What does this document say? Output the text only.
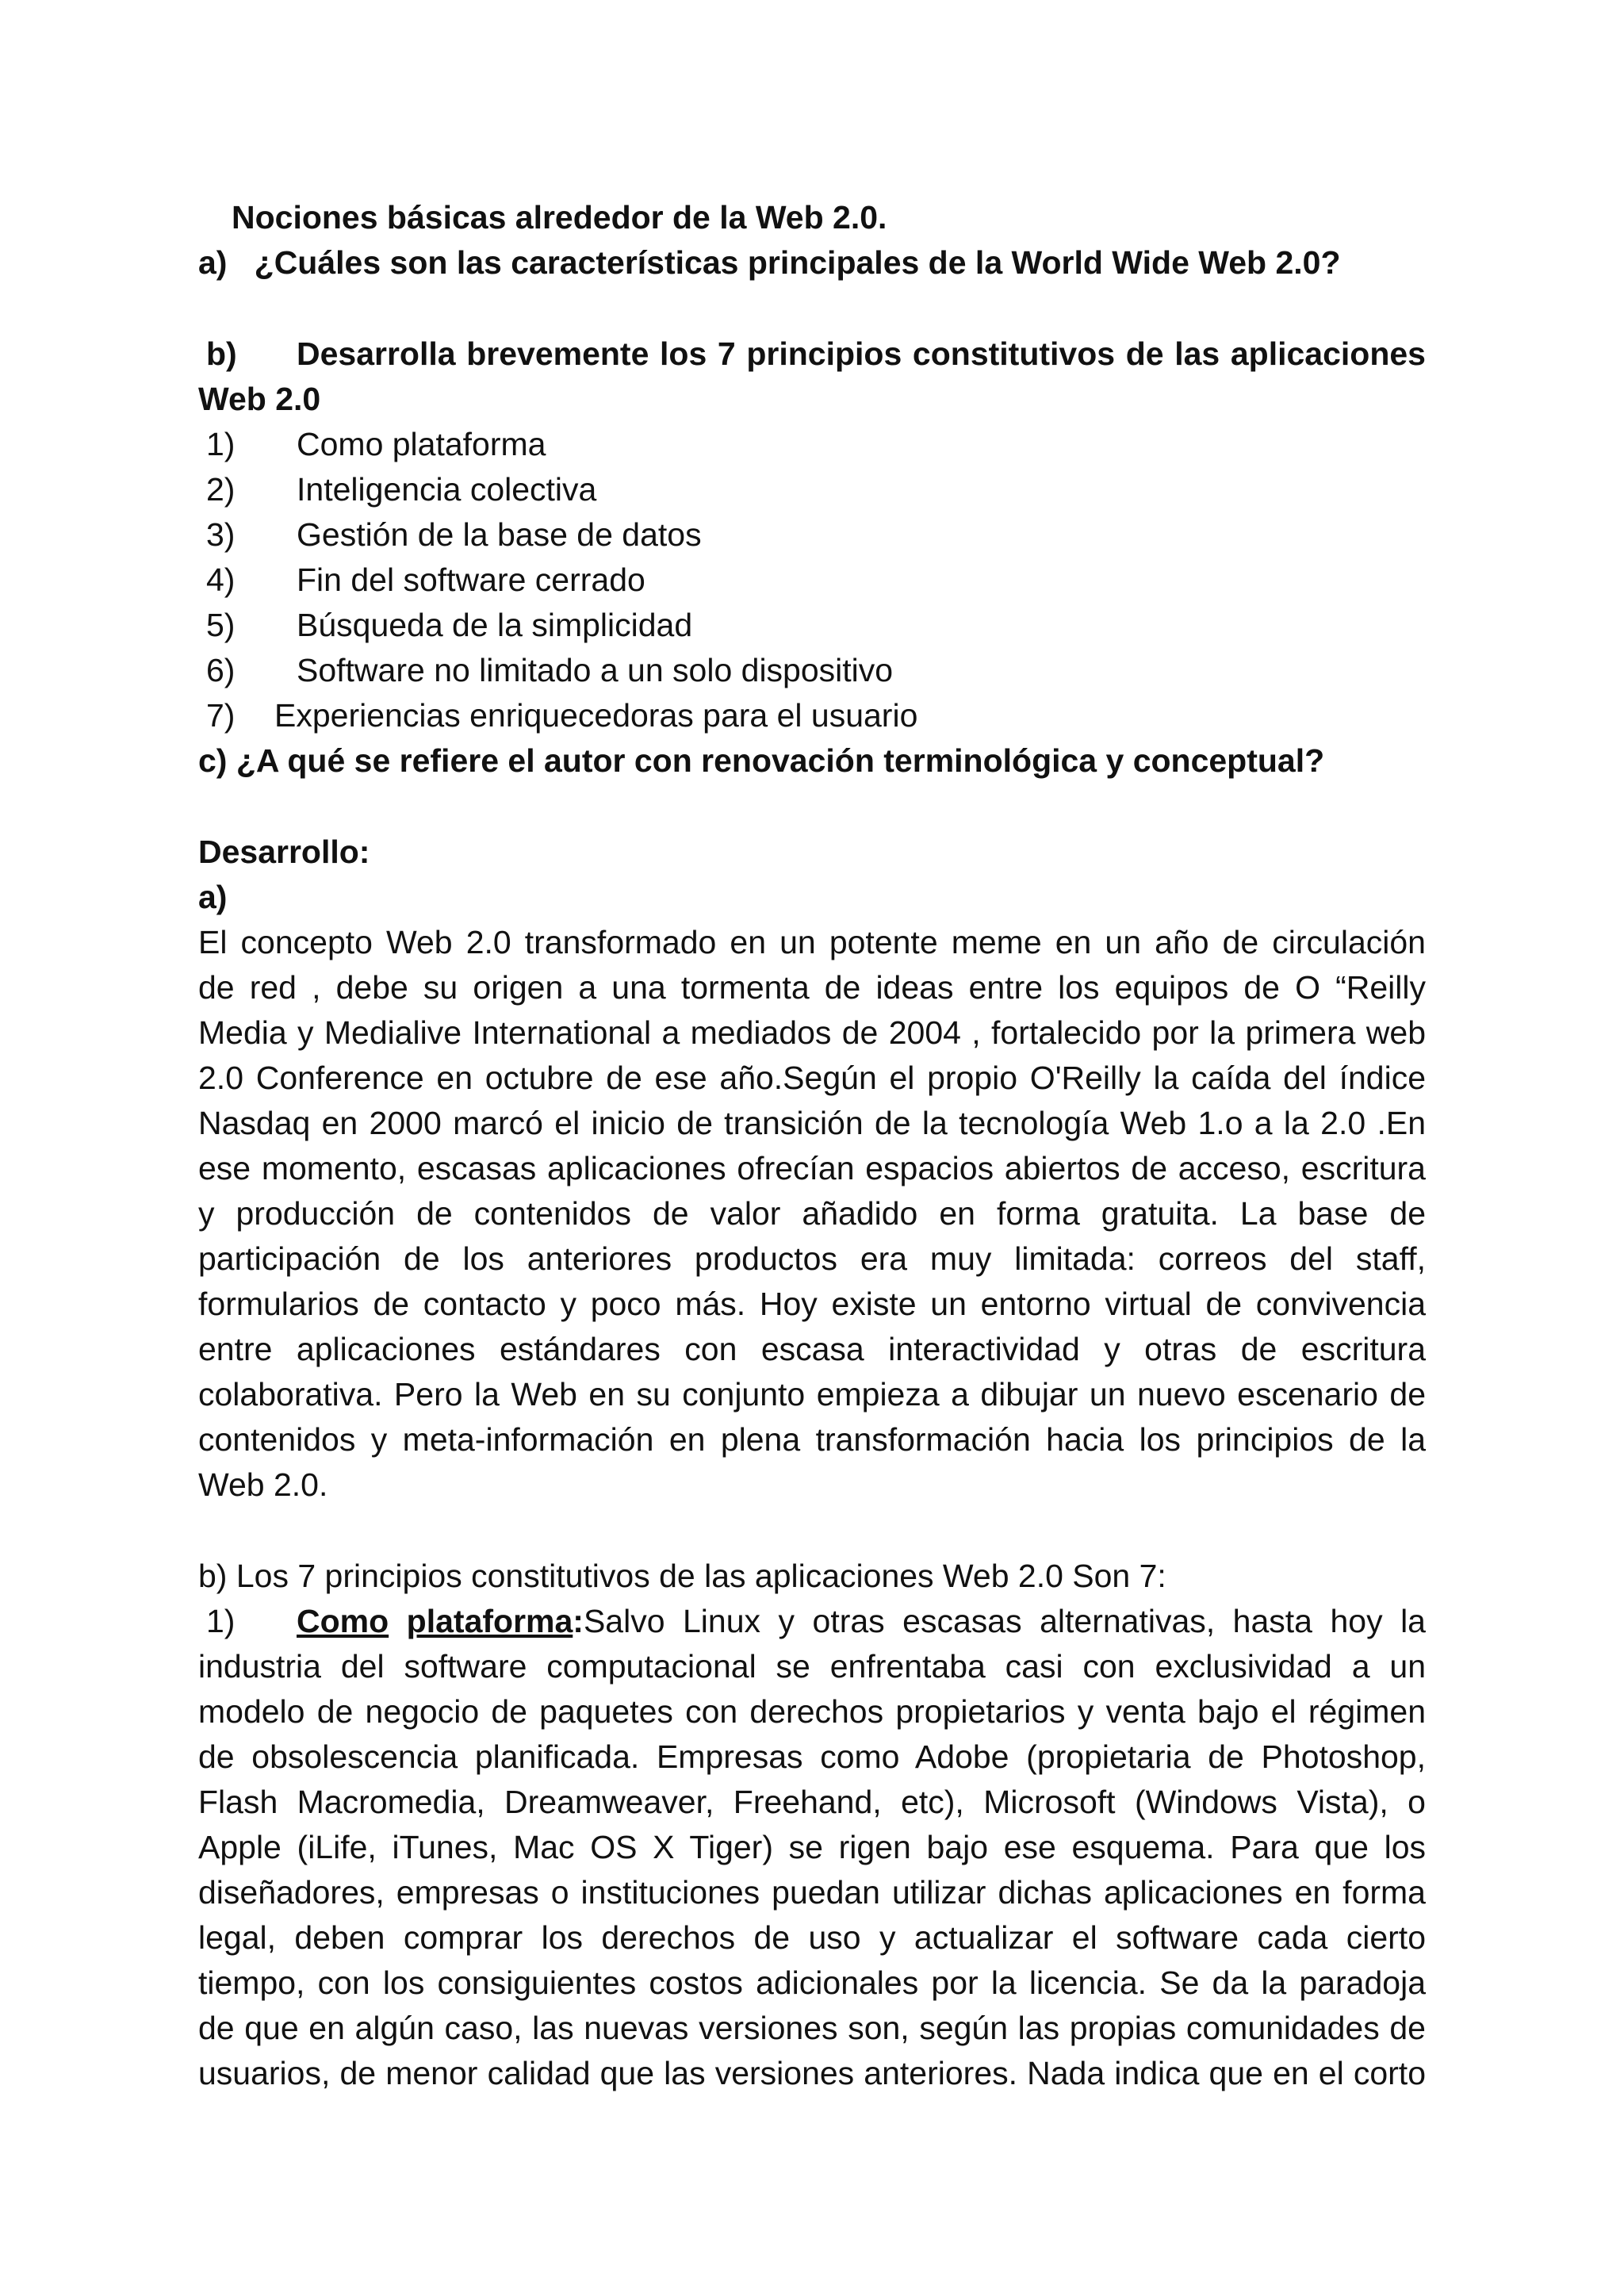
Nociones básicas alrededor de la Web 2.0.
a) ¿Cuáles son las características principales de la World Wide Web 2.0?
b) Desarrolla brevemente los 7 principios constitutivos de las aplicaciones
Web 2.0
1) Como plataforma
2) Inteligencia colectiva
3) Gestión de la base de datos
4) Fin del software cerrado
5) Búsqueda de la simplicidad
6) Software no limitado a un solo dispositivo
7) Experiencias enriquecedoras para el usuario
c) ¿A qué se refiere el autor con renovación terminológica y conceptual?
Desarrollo:
a)
El concepto Web 2.0 transformado en un potente meme en un año de circulación
de red , debe su origen a una tormenta de ideas entre los equipos de O “Reilly
Media y Medialive International a mediados de 2004 , fortalecido por la primera web
2.0 Conference en octubre de ese año.Según el propio O'Reilly la caída del índice
Nasdaq en 2000 marcó el inicio de transición de la tecnología Web 1.o a la 2.0 .En
ese momento, escasas aplicaciones ofrecían espacios abiertos de acceso, escritura
y producción de contenidos de valor añadido en forma gratuita. La base de
participación de los anteriores productos era muy limitada: correos del staff,
formularios de contacto y poco más. Hoy existe un entorno virtual de convivencia
entre aplicaciones estándares con escasa interactividad y otras de escritura
colaborativa. Pero la Web en su conjunto empieza a dibujar un nuevo escenario de
contenidos y meta-información en plena transformación hacia los principios de la
Web 2.0.
b) Los 7 principios constitutivos de las aplicaciones Web 2.0 Son 7:
1) Como plataforma:Salvo Linux y otras escasas alternativas, hasta hoy la
industria del software computacional se enfrentaba casi con exclusividad a un
modelo de negocio de paquetes con derechos propietarios y venta bajo el régimen
de obsolescencia planificada. Empresas como Adobe (propietaria de Photoshop,
Flash Macromedia, Dreamweaver, Freehand, etc), Microsoft (Windows Vista), o
Apple (iLife, iTunes, Mac OS X Tiger) se rigen bajo ese esquema. Para que los
diseñadores, empresas o instituciones puedan utilizar dichas aplicaciones en forma
legal, deben comprar los derechos de uso y actualizar el software cada cierto
tiempo, con los consiguientes costos adicionales por la licencia. Se da la paradoja
de que en algún caso, las nuevas versiones son, según las propias comunidades de
usuarios, de menor calidad que las versiones anteriores. Nada indica que en el corto
